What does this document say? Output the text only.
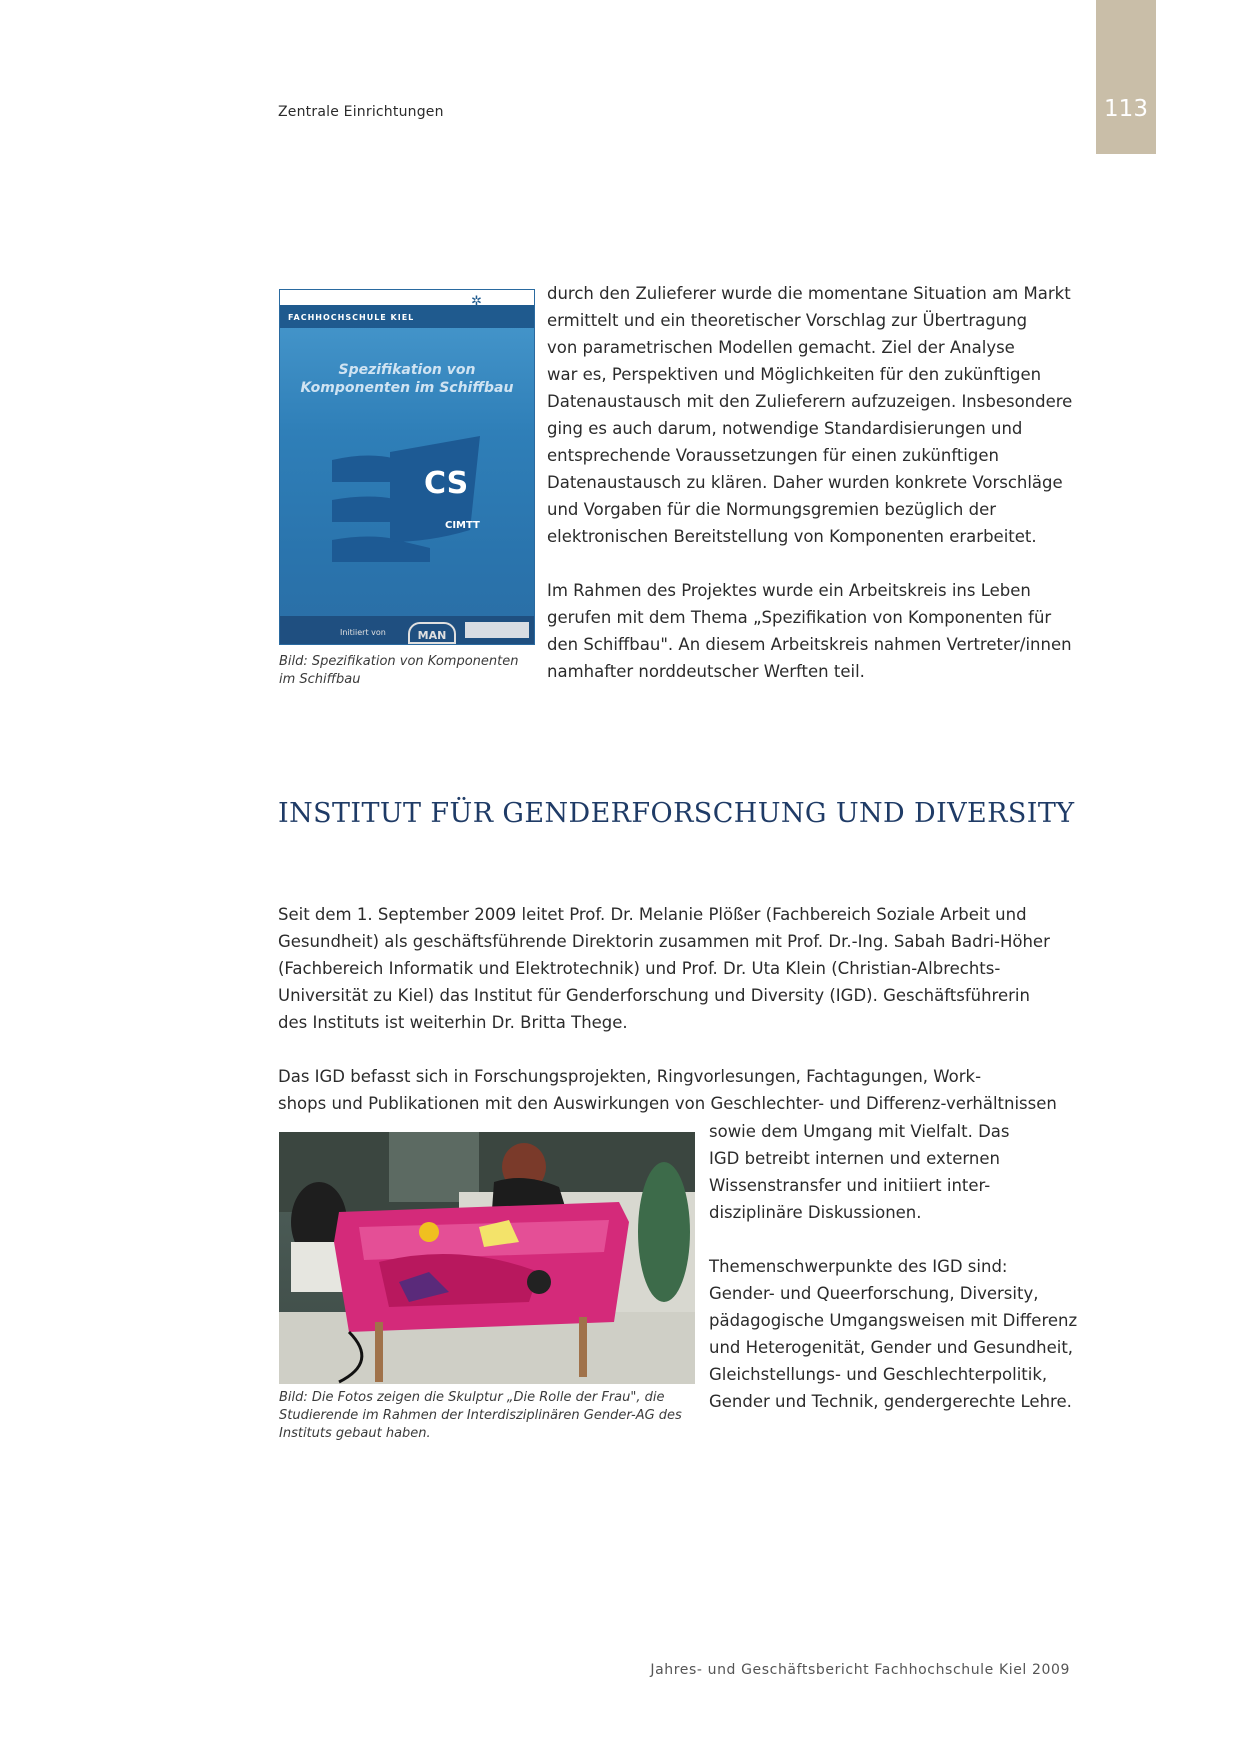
Zentrale Einrichtungen	113
✲
FACHHOCHSCHULE KIEL
Spezifikation von
Komponenten im Schiffbau
CS
CIMTT
Initiiert von	MAN
Bild: Spezifikation von Komponenten
im Schiffbau
durch den Zulieferer wurde die momentane Situation am Markt
ermittelt und ein theoretischer Vorschlag zur Übertragung
von parametrischen Modellen gemacht. Ziel der Analyse
war es, Perspektiven und Möglichkeiten für den zukünftigen
Datenaustausch mit den Zulieferern aufzuzeigen. Insbesondere
ging es auch darum, notwendige Standardisierungen und
entsprechende Voraussetzungen für einen zukünftigen
Datenaustausch zu klären. Daher wurden konkrete Vorschläge
und Vorgaben für die Normungsgremien bezüglich der
elektronischen Bereitstellung von Komponenten erarbeitet.
Im Rahmen des Projektes wurde ein Arbeitskreis ins Leben
gerufen mit dem Thema „Spezifikation von Komponenten für
den Schiffbau". An diesem Arbeitskreis nahmen Vertreter/innen
namhafter norddeutscher Werften teil.
INSTITUT FÜR GENDERFORSCHUNG UND DIVERSITY
Seit dem 1. September 2009 leitet Prof. Dr. Melanie Plößer (Fachbereich Soziale Arbeit und
Gesundheit) als geschäftsführende Direktorin zusammen mit Prof. Dr.-Ing. Sabah Badri-Höher
(Fachbereich Informatik und Elektrotechnik) und Prof. Dr. Uta Klein (Christian-Albrechts-
Universität zu Kiel) das Institut für Genderforschung und Diversity (IGD). Geschäftsführerin
des Instituts ist weiterhin Dr. Britta Thege.
Das IGD befasst sich in Forschungsprojekten, Ringvorlesungen, Fachtagungen, Work-
shops und Publikationen mit den Auswirkungen von Geschlechter- und Differenz-verhältnissen
Bild: Die Fotos zeigen die Skulptur „Die Rolle der Frau", die
Studierende im Rahmen der Interdisziplinären Gender-AG des
Instituts gebaut haben.
sowie dem Umgang mit Vielfalt. Das
IGD betreibt internen und externen
Wissenstransfer und initiiert inter-
disziplinäre Diskussionen.
Themenschwerpunkte des IGD sind:
Gender- und Queerforschung, Diversity,
pädagogische Umgangsweisen mit Differenz
und Heterogenität, Gender und Gesundheit,
Gleichstellungs- und Geschlechterpolitik,
Gender und Technik, gendergerechte Lehre.
Jahres- und Geschäftsbericht Fachhochschule Kiel 2009
